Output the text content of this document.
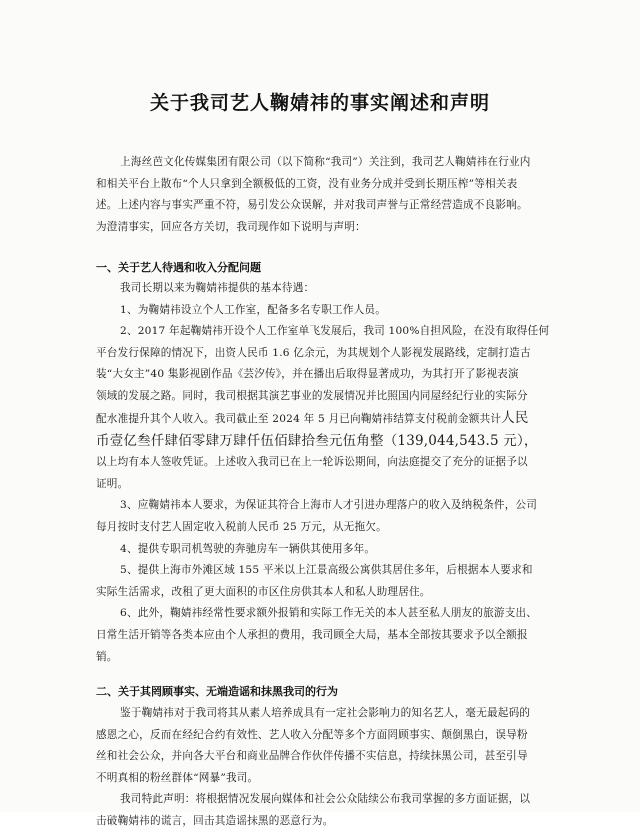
关于我司艺人鞠婧祎的事实阐述和声明
上海丝芭文化传媒集团有限公司（以下简称“我司”）关注到，我司艺人鞠婧祎在行业内
和相关平台上散布“个人只拿到全额极低的工资，没有业务分成并受到长期压榨”等相关表
述。上述内容与事实严重不符，易引发公众误解，并对我司声誉与正常经营造成不良影响。
为澄清事实，回应各方关切，我司现作如下说明与声明：
一、关于艺人待遇和收入分配问题
我司长期以来为鞠婧祎提供的基本待遇：
1、为鞠婧祎设立个人工作室，配备多名专职工作人员。
2、2017 年起鞠婧祎开设个人工作室单飞发展后，我司 100%自担风险，在没有取得任何
平台发行保障的情况下，出资人民币 1.6 亿余元，为其规划个人影视发展路线，定制打造古
装“大女主”40 集影视剧作品《芸汐传》，并在播出后取得显著成功，为其打开了影视表演
领域的发展之路。同时，我司根据其演艺事业的发展情况并比照国内同屋经纪行业的实际分
配水准提升其个人收入。我司截止至 2024 年 5 月已向鞠婧祎结算支付税前金额共计人民
币壹亿叁仟肆佰零肆万肆仟伍佰肆拾叁元伍角整（139,044,543.5 元），
以上均有本人签收凭证。上述收入我司已在上一轮诉讼期间，向法庭提交了充分的证据予以
证明。
3、应鞠婧祎本人要求，为保证其符合上海市人才引进办理落户的收入及纳税条件，公司
每月按时支付艺人固定收入税前人民币 25 万元，从无拖欠。
4、提供专职司机驾驶的奔驰房车一辆供其使用多年。
5、提供上海市外滩区域 155 平米以上江景高级公寓供其居住多年，后根据本人要求和
实际生活需求，改租了更大面积的市区住房供其本人和私人助理居住。
6、此外，鞠婧祎经常性要求额外报销和实际工作无关的本人甚至私人朋友的旅游支出、
日常生活开销等各类本应由个人承担的费用，我司顾全大局，基本全部按其要求予以全额报
销。
二、关于其罔顾事实、无端造谣和抹黑我司的行为
鉴于鞠婧祎对于我司将其从素人培养成具有一定社会影响力的知名艺人，毫无最起码的
感恩之心，反而在经纪合约有效性、艺人收入分配等多个方面罔顾事实、颠倒黑白，误导粉
丝和社会公众，并向各大平台和商业品牌合作伙伴传播不实信息，持续抹黑公司，甚至引导
不明真相的粉丝群体“网暴”我司。
我司特此声明：将根据情况发展向媒体和社会公众陆续公布我司掌握的多方面证据，以
击破鞠婧祎的谎言，回击其造谣抹黑的恶意行为。
